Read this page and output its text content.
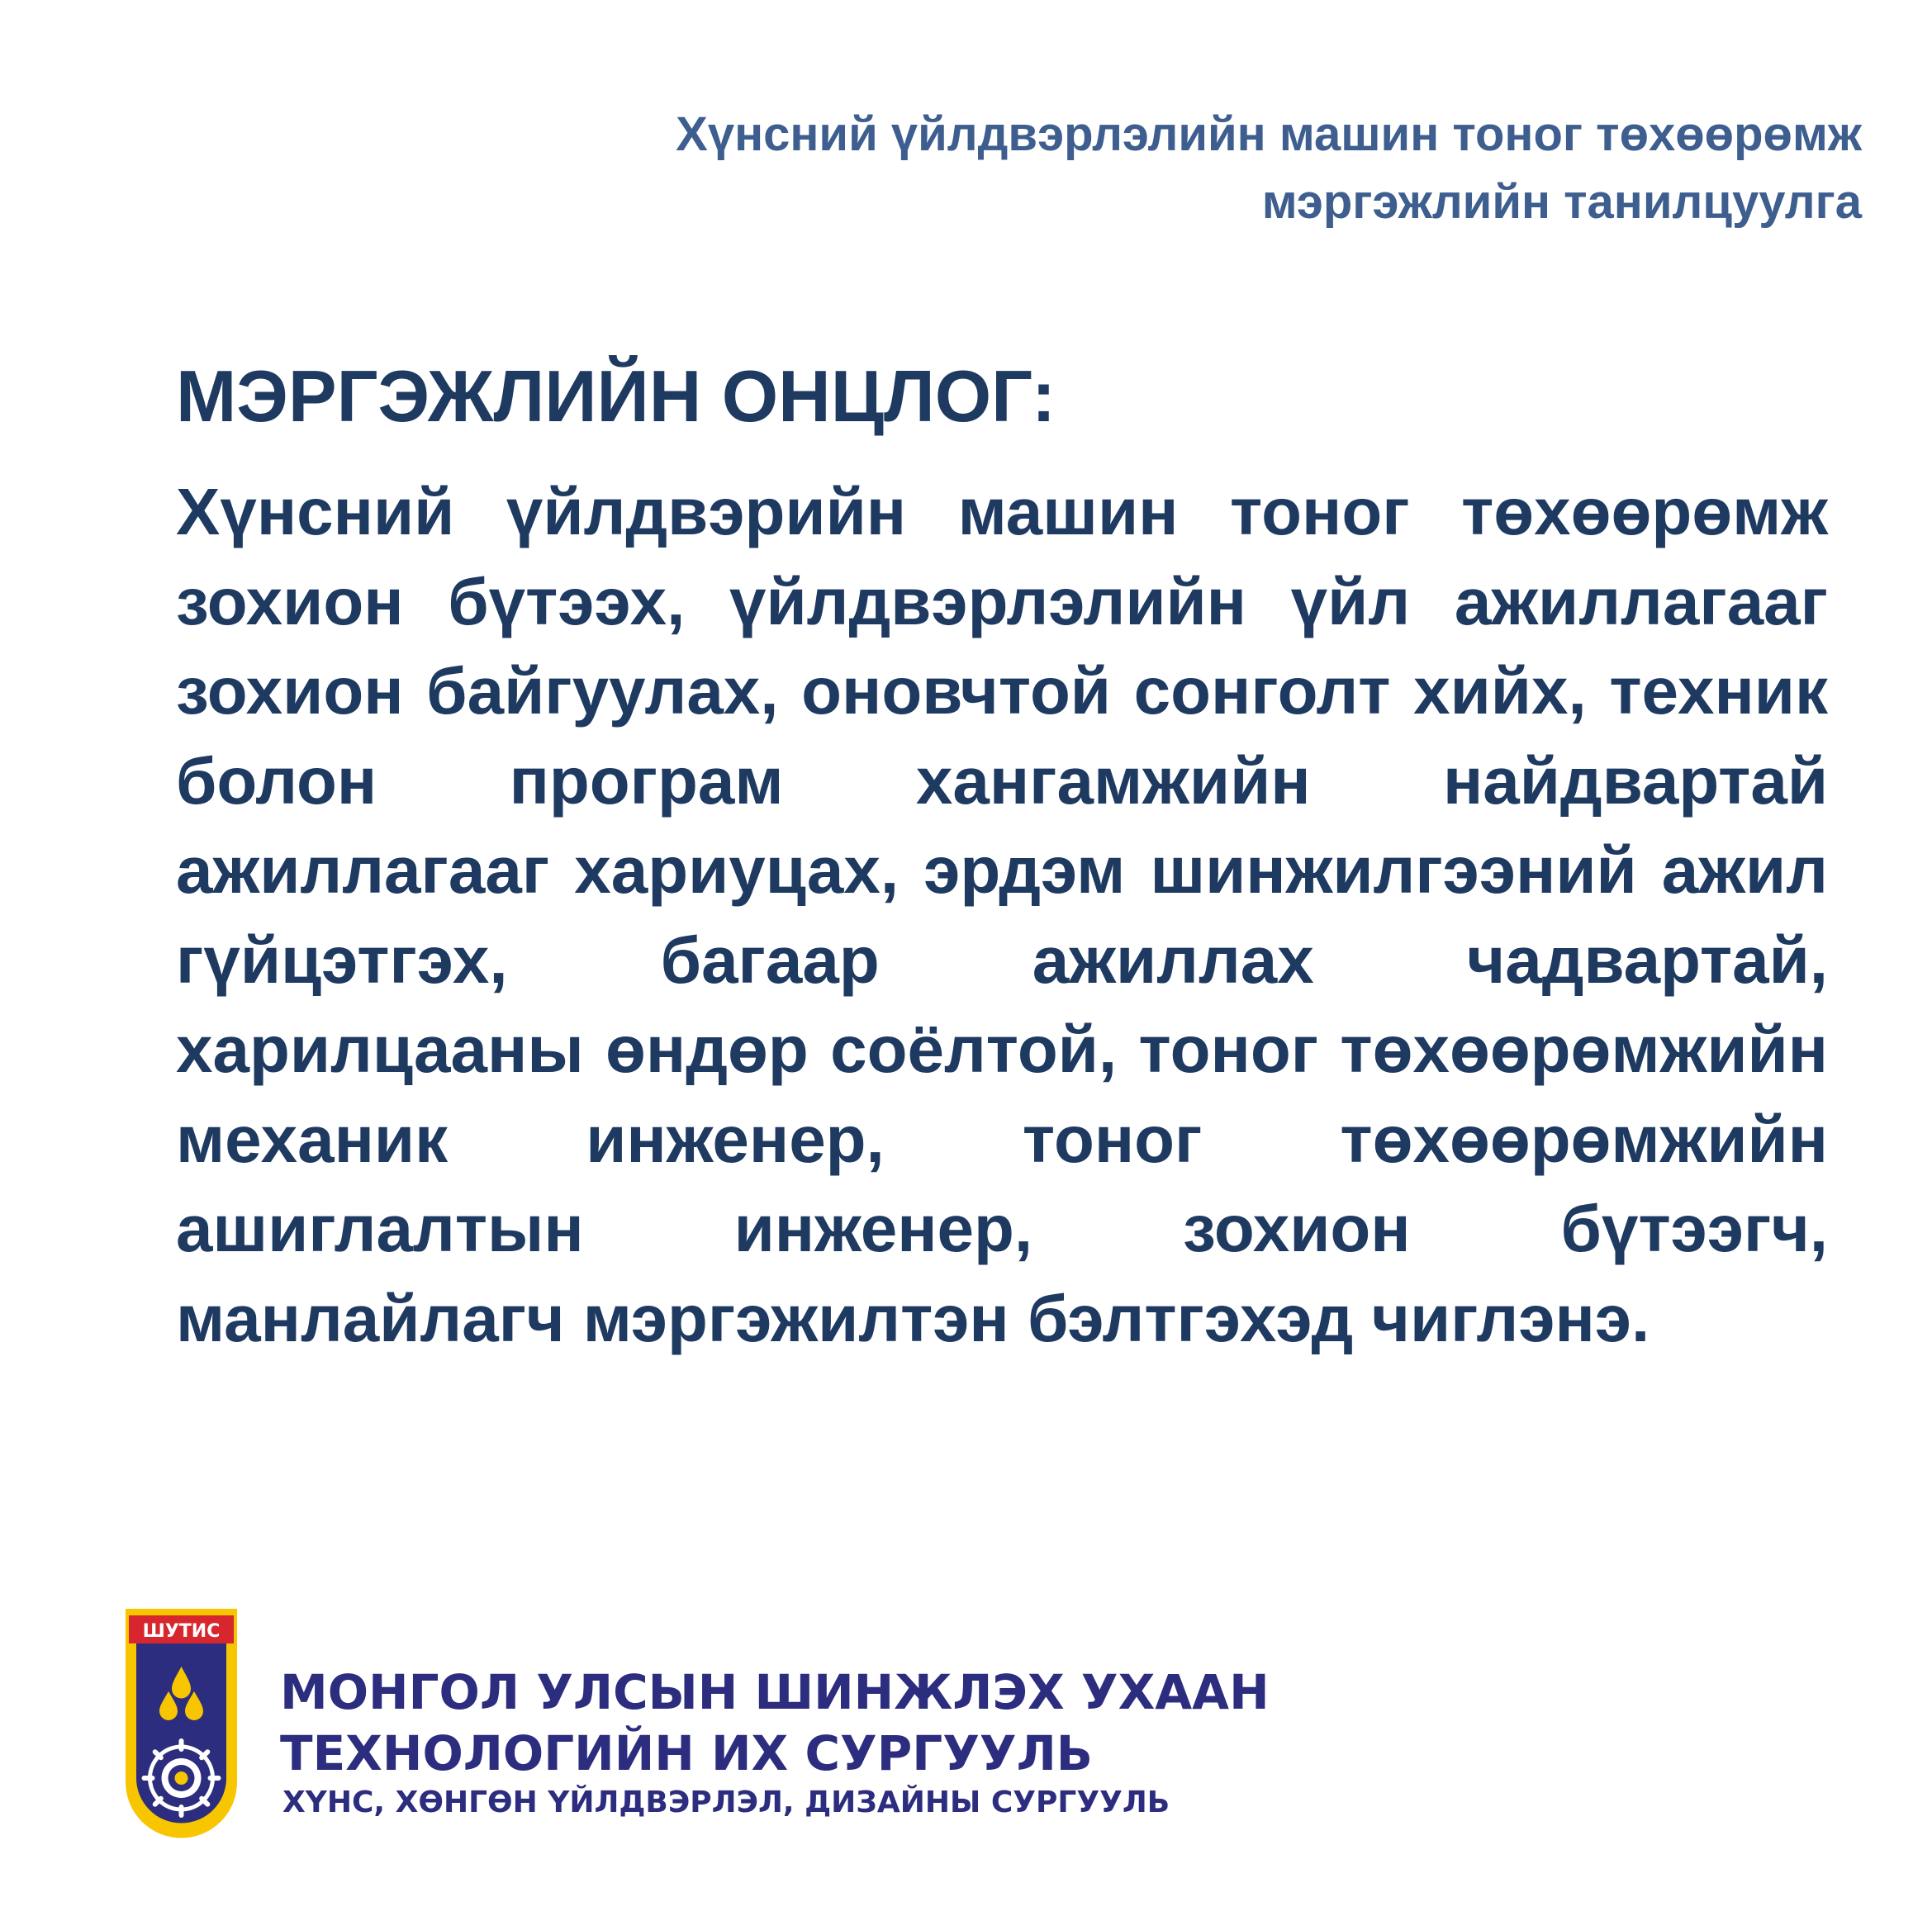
Хүнсний үйлдвэрлэлийн машин тоног төхөөрөмж
мэргэжлийн танилцуулга
МЭРГЭЖЛИЙН ОНЦЛОГ:

Хүнсний үйлдвэрийн машин тоног төхөөрөмж зохион бүтээх, үйлдвэрлэлийн үйл ажиллагааг зохион байгуулах, оновчтой сонголт хийх, техник болон програм хангамжийн найдвартай ажиллагааг хариуцах, эрдэм шинжилгээний ажил гүйцэтгэх, багаар ажиллах чадвартай, харилцааны өндөр соёлтой, тоног төхөөрөмжийн механик инженер, тоног төхөөрөмжийн ашиглалтын инженер, зохион бүтээгч, манлайлагч мэргэжилтэн бэлтгэхэд чиглэнэ.

ШУТИС
МОНГОЛ УЛСЫН ШИНЖЛЭХ УХААН
ТЕХНОЛОГИЙН ИХ СУРГУУЛЬ
ХҮНС, ХӨНГӨН ҮЙЛДВЭРЛЭЛ, ДИЗАЙНЫ СУРГУУЛЬ
